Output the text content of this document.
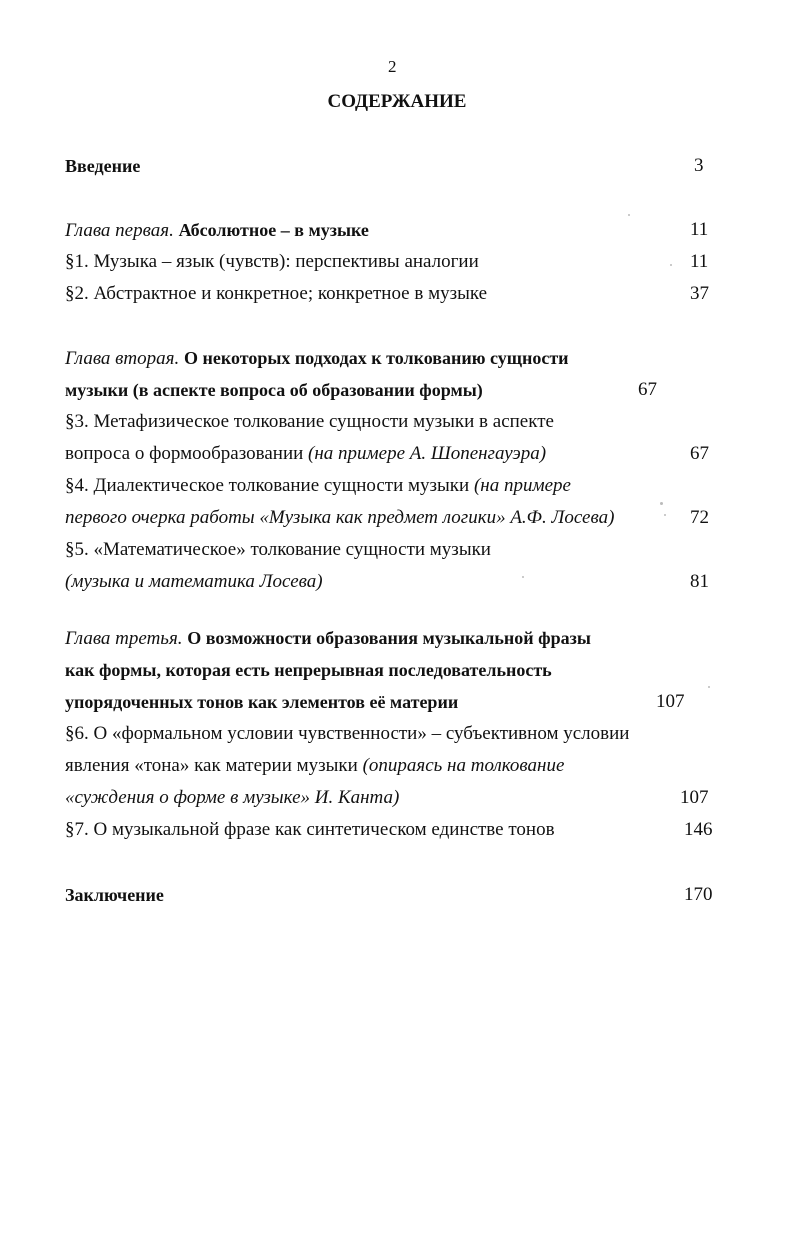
2
СОДЕРЖАНИЕ
Введение	3
Глава первая. Абсолютное – в музыке	11
§1. Музыка – язык (чувств): перспективы аналогии	11
§2. Абстрактное и конкретное; конкретное в музыке	37
Глава вторая. О некоторых подходах к толкованию сущности
музыки (в аспекте вопроса об образовании формы)	67
§3. Метафизическое толкование сущности музыки в аспекте
вопроса о формообразовании (на примере А. Шопенгауэра)	67
§4. Диалектическое толкование сущности музыки (на примере
первого очерка работы «Музыка как предмет логики» А.Ф. Лосева)	72
§5. «Математическое» толкование сущности музыки
(музыка и математика Лосева)	81
Глава третья. О возможности образования музыкальной фразы
как формы, которая есть непрерывная последовательность
упорядоченных тонов как элементов её материи	107
§6. О «формальном условии чувственности» – субъективном условии
явления «тона» как материи музыки (опираясь на толкование
«суждения о форме в музыке» И. Канта)	107
§7. О музыкальной фразе как синтетическом единстве тонов	146
Заключение	170
